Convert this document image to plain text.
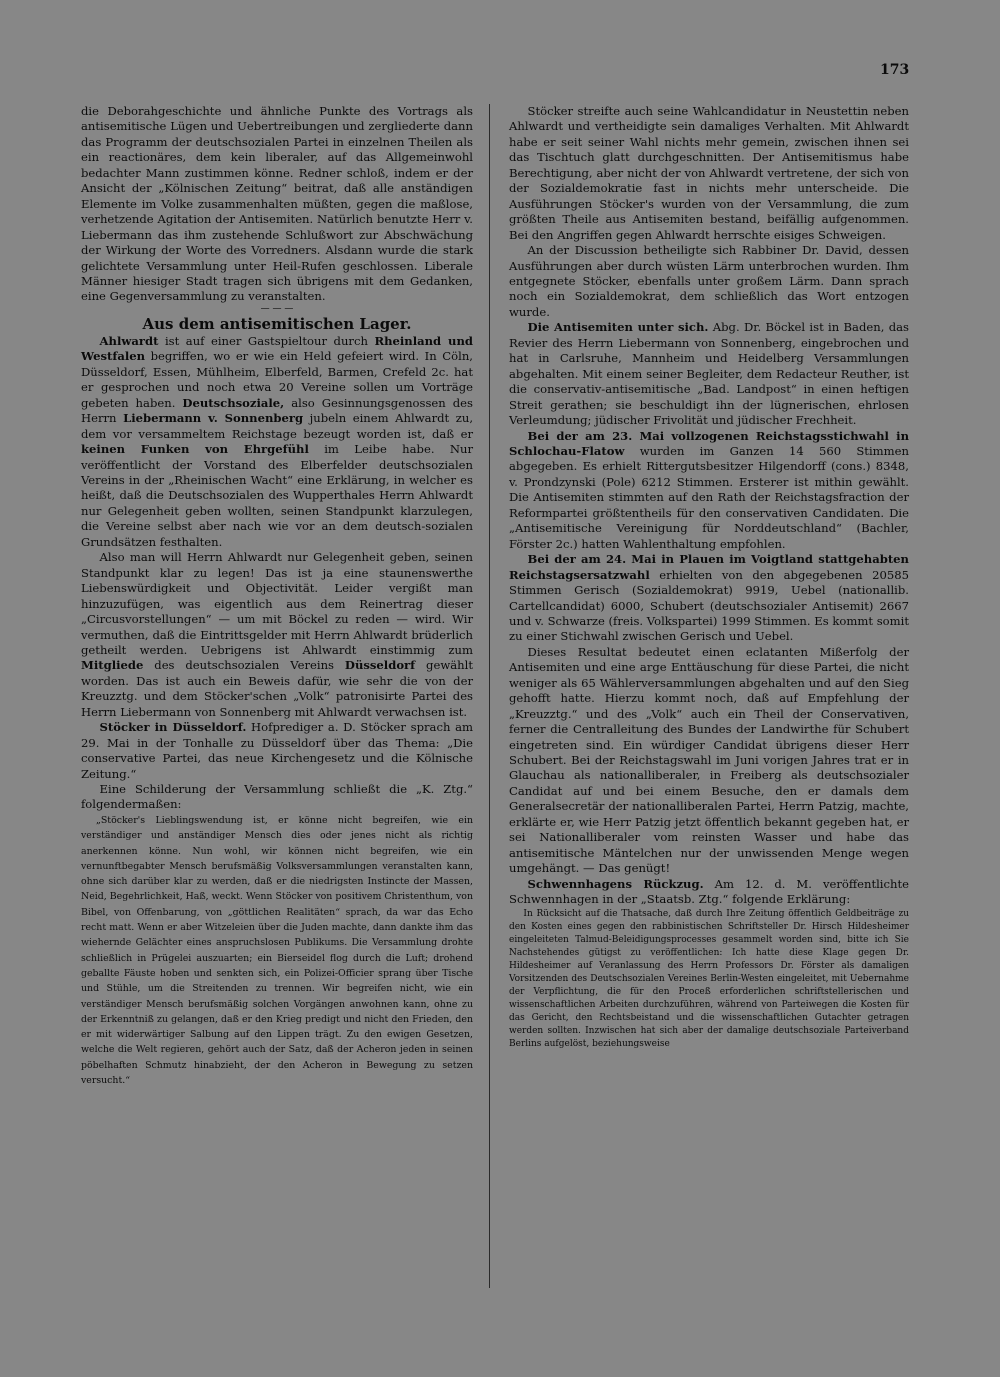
173

die Deborahgeschichte und ähnliche Punkte des Vortrags als antisemitische Lügen und Uebertreibungen und zergliederte dann das Programm der deutschsozialen Partei in einzelnen Theilen als ein reactionäres, dem kein liberaler, auf das Allgemeinwohl bedachter Mann zustimmen könne. Redner schloß, indem er der Ansicht der „Kölnischen Zeitung“ beitrat, daß alle anständigen Elemente im Volke zusammenhalten müßten, gegen die maßlose, verhetzende Agitation der Antisemiten. Natürlich benutzte Herr v. Liebermann das ihm zustehende Schlußwort zur Abschwächung der Wirkung der Worte des Vorredners. Alsdann wurde die stark gelichtete Versammlung unter Heil-Rufen geschlossen. Liberale Männer hiesiger Stadt tragen sich übrigens mit dem Gedanken, eine Gegenversammlung zu veranstalten.

— — —

Aus dem antisemitischen Lager.

Ahlwardt ist auf einer Gastspieltour durch Rheinland und Westfalen begriffen, wo er wie ein Held gefeiert wird. In Cöln, Düsseldorf, Essen, Mühlheim, Elberfeld, Barmen, Crefeld 2c. hat er gesprochen und noch etwa 20 Vereine sollen um Vorträge gebeten haben. Deutschsoziale, also Gesinnungsgenossen des Herrn Liebermann v. Sonnenberg jubeln einem Ahlwardt zu, dem vor versammeltem Reichstage bezeugt worden ist, daß er keinen Funken von Ehrgefühl im Leibe habe. Nur veröffentlicht der Vorstand des Elberfelder deutschsozialen Vereins in der „Rheinischen Wacht“ eine Erklärung, in welcher es heißt, daß die Deutschsozialen des Wupperthales Herrn Ahlwardt nur Gelegenheit geben wollten, seinen Standpunkt klarzulegen, die Vereine selbst aber nach wie vor an dem deutsch-sozialen Grundsätzen festhalten.

Also man will Herrn Ahlwardt nur Gelegenheit geben, seinen Standpunkt klar zu legen! Das ist ja eine staunenswerthe Liebenswürdigkeit und Objectivität. Leider vergißt man hinzuzufügen, was eigentlich aus dem Reinertrag dieser „Circusvorstellungen“ — um mit Böckel zu reden — wird. Wir vermuthen, daß die Eintrittsgelder mit Herrn Ahlwardt brüderlich getheilt werden. Uebrigens ist Ahlwardt einstimmig zum Mitgliede des deutschsozialen Vereins Düsseldorf gewählt worden. Das ist auch ein Beweis dafür, wie sehr die von der Kreuzztg. und dem Stöcker'schen „Volk“ patronisirte Partei des Herrn Liebermann von Sonnenberg mit Ahlwardt verwachsen ist.

Stöcker in Düsseldorf. Hofprediger a. D. Stöcker sprach am 29. Mai in der Tonhalle zu Düsseldorf über das Thema: „Die conservative Partei, das neue Kirchengesetz und die Kölnische Zeitung.“

Eine Schilderung der Versammlung schließt die „K. Ztg.“ folgendermaßen:

„Stöcker's Lieblingswendung ist, er könne nicht begreifen, wie ein verständiger und anständiger Mensch dies oder jenes nicht als richtig anerkennen könne. Nun wohl, wir können nicht begreifen, wie ein vernunftbegabter Mensch berufsmäßig Volksversammlungen veranstalten kann, ohne sich darüber klar zu werden, daß er die niedrigsten Instincte der Massen, Neid, Begehrlichkeit, Haß, weckt. Wenn Stöcker von positivem Christenthum, von Bibel, von Offenbarung, von „göttlichen Realitäten“ sprach, da war das Echo recht matt. Wenn er aber Witzeleien über die Juden machte, dann dankte ihm das wiehernde Gelächter eines anspruchslosen Publikums. Die Versammlung drohte schließlich in Prügelei auszuarten; ein Bierseidel flog durch die Luft; drohend geballte Fäuste hoben und senkten sich, ein Polizei-Officier sprang über Tische und Stühle, um die Streitenden zu trennen. Wir begreifen nicht, wie ein verständiger Mensch berufsmäßig solchen Vorgängen anwohnen kann, ohne zu der Erkenntniß zu gelangen, daß er den Krieg predigt und nicht den Frieden, den er mit widerwärtiger Salbung auf den Lippen trägt. Zu den ewigen Gesetzen, welche die Welt regieren, gehört auch der Satz, daß der Acheron jeden in seinen pöbelhaften Schmutz hinabzieht, der den Acheron in Bewegung zu setzen versucht.“

Stöcker streifte auch seine Wahlcandidatur in Neustettin neben Ahlwardt und vertheidigte sein damaliges Verhalten. Mit Ahlwardt habe er seit seiner Wahl nichts mehr gemein, zwischen ihnen sei das Tischtuch glatt durchgeschnitten. Der Antisemitismus habe Berechtigung, aber nicht der von Ahlwardt vertretene, der sich von der Sozialdemokratie fast in nichts mehr unterscheide. Die Ausführungen Stöcker's wurden von der Versammlung, die zum größten Theile aus Antisemiten bestand, beifällig aufgenommen. Bei den Angriffen gegen Ahlwardt herrschte eisiges Schweigen.

An der Discussion betheiligte sich Rabbiner Dr. David, dessen Ausführungen aber durch wüsten Lärm unterbrochen wurden. Ihm entgegnete Stöcker, ebenfalls unter großem Lärm. Dann sprach noch ein Sozialdemokrat, dem schließlich das Wort entzogen wurde.

Die Antisemiten unter sich. Abg. Dr. Böckel ist in Baden, das Revier des Herrn Liebermann von Sonnenberg, eingebrochen und hat in Carlsruhe, Mannheim und Heidelberg Versammlungen abgehalten. Mit einem seiner Begleiter, dem Redacteur Reuther, ist die conservativ-antisemitische „Bad. Landpost“ in einen heftigen Streit gerathen; sie beschuldigt ihn der lügnerischen, ehrlosen Verleumdung; jüdischer Frivolität und jüdischer Frechheit.

Bei der am 23. Mai vollzogenen Reichstagsstichwahl in Schlochau-Flatow wurden im Ganzen 14 560 Stimmen abgegeben. Es erhielt Rittergutsbesitzer Hilgendorff (cons.) 8348, v. Prondzynski (Pole) 6212 Stimmen. Ersterer ist mithin gewählt. Die Antisemiten stimmten auf den Rath der Reichstagsfraction der Reformpartei größtentheils für den conservativen Candidaten. Die „Antisemitische Vereinigung für Norddeutschland“ (Bachler, Förster 2c.) hatten Wahlenthaltung empfohlen.

Bei der am 24. Mai in Plauen im Voigtland stattgehabten Reichstagsersatzwahl erhielten von den abgegebenen 20585 Stimmen Gerisch (Sozialdemokrat) 9919, Uebel (nationallib. Cartellcandidat) 6000, Schubert (deutschsozialer Antisemit) 2667 und v. Schwarze (freis. Volkspartei) 1999 Stimmen. Es kommt somit zu einer Stichwahl zwischen Gerisch und Uebel.

Dieses Resultat bedeutet einen eclatanten Mißerfolg der Antisemiten und eine arge Enttäuschung für diese Partei, die nicht weniger als 65 Wählerversammlungen abgehalten und auf den Sieg gehofft hatte. Hierzu kommt noch, daß auf Empfehlung der „Kreuzztg.“ und des „Volk“ auch ein Theil der Conservativen, ferner die Centralleitung des Bundes der Landwirthe für Schubert eingetreten sind. Ein würdiger Candidat übrigens dieser Herr Schubert. Bei der Reichstagswahl im Juni vorigen Jahres trat er in Glauchau als nationalliberaler, in Freiberg als deutschsozialer Candidat auf und bei einem Besuche, den er damals dem Generalsecretär der nationalliberalen Partei, Herrn Patzig, machte, erklärte er, wie Herr Patzig jetzt öffentlich bekannt gegeben hat, er sei Nationalliberaler vom reinsten Wasser und habe das antisemitische Mäntelchen nur der unwissenden Menge wegen umgehängt. — Das genügt!

Schwennhagens Rückzug. Am 12. d. M. veröffentlichte Schwennhagen in der „Staatsb. Ztg.“ folgende Erklärung:

In Rücksicht auf die Thatsache, daß durch Ihre Zeitung öffentlich Geldbeiträge zu den Kosten eines gegen den rabbinistischen Schriftsteller Dr. Hirsch Hildesheimer eingeleiteten Talmud-Beleidigungsprocesses gesammelt worden sind, bitte ich Sie Nachstehendes gütigst zu veröffentlichen: Ich hatte diese Klage gegen Dr. Hildesheimer auf Veranlassung des Herrn Professors Dr. Förster als damaligen Vorsitzenden des Deutschsozialen Vereines Berlin-Westen eingeleitet, mit Uebernahme der Verpflichtung, die für den Proceß erforderlichen schriftstellerischen und wissenschaftlichen Arbeiten durchzuführen, während von Parteiwegen die Kosten für das Gericht, den Rechtsbeistand und die wissenschaftlichen Gutachter getragen werden sollten. Inzwischen hat sich aber der damalige deutschsoziale Parteiverband Berlins aufgelöst, beziehungsweise
